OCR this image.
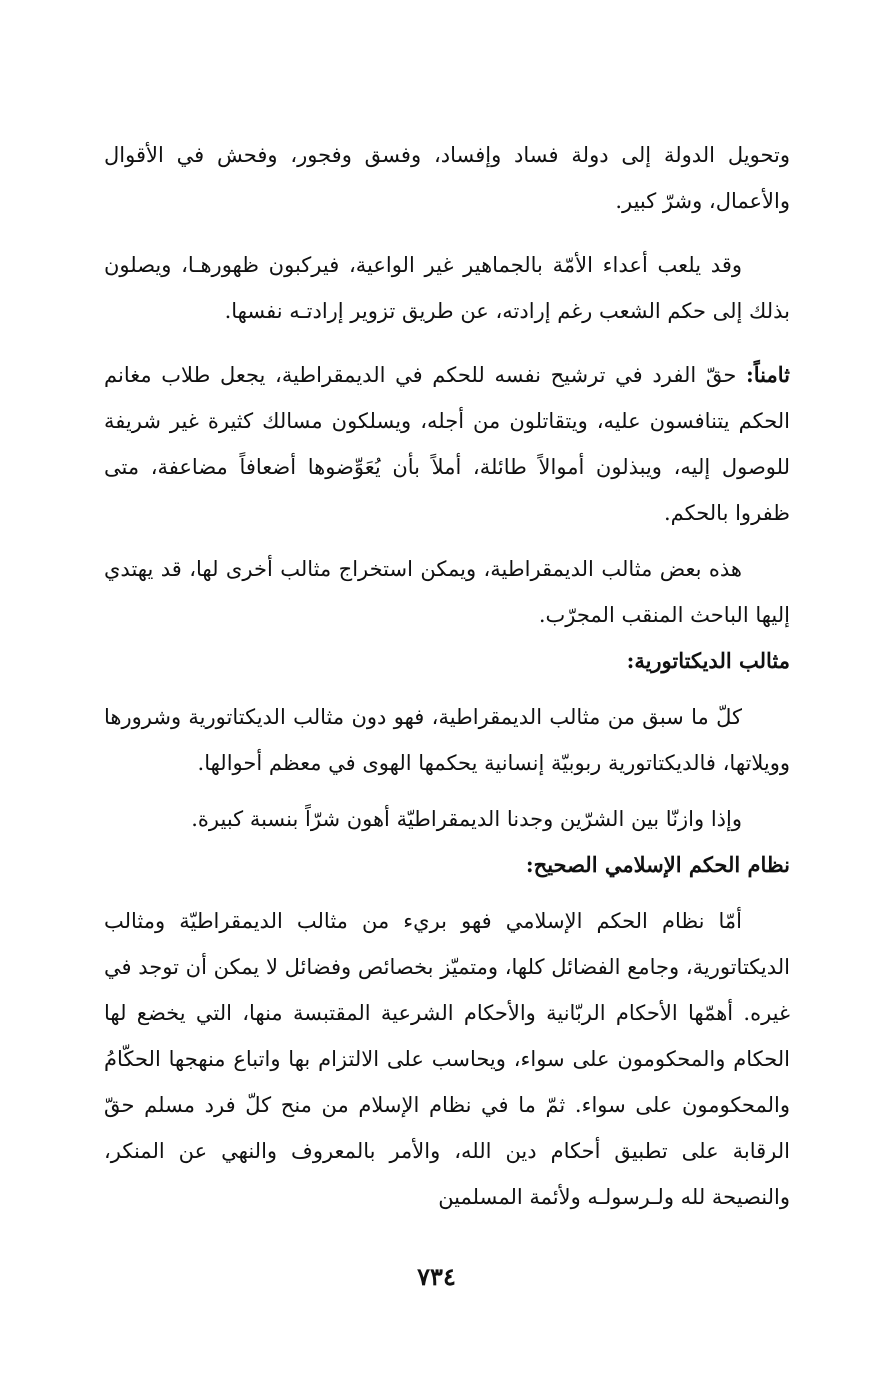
وتحويل الدولة إلى دولة فساد وإفساد، وفسق وفجور، وفحش في الأقوال والأعمال، وشرّ كبير.

وقد يلعب أعداء الأمّة بالجماهير غير الواعية، فيركبون ظهورهـا، ويصلون بذلك إلى حكم الشعب رغم إرادته، عن طريق تزوير إرادتـه نفسها.

ثامناً: حقّ الفرد في ترشيح نفسه للحكم في الديمقراطية، يجعل طلاب مغانم الحكم يتنافسون عليه، ويتقاتلون من أجله، ويسلكون مسالك كثيرة غير شريفة للوصول إليه، ويبذلون أموالاً طائلة، أملاً بأن يُعَوِّضوها أضعافاً مضاعفة، متى ظفروا بالحكم.

هذه بعض مثالب الديمقراطية، ويمكن استخراج مثالب أخرى لها، قد يهتدي إليها الباحث المنقب المجرّب.

مثالب الديكتاتورية:

كلّ ما سبق من مثالب الديمقراطية، فهو دون مثالب الديكتاتورية وشرورها وويلاتها، فالديكتاتورية ربوبيّة إنسانية يحكمها الهوى في معظم أحوالها.

وإذا وازنّا بين الشرّين وجدنا الديمقراطيّة أهون شرّاً بنسبة كبيرة.

نظام الحكم الإسلامي الصحيح:

أمّا نظام الحكم الإسلامي فهو بريء من مثالب الديمقراطيّة ومثالب الديكتاتورية، وجامع الفضائل كلها، ومتميّز بخصائص وفضائل لا يمكن أن توجد في غيره. أهمّها الأحكام الربّانية والأحكام الشرعية المقتبسة منها، التي يخضع لها الحكام والمحكومون على سواء، ويحاسب على الالتزام بها واتباع منهجها الحكّامُ والمحكومون على سواء. ثمّ ما في نظام الإسلام من منح كلّ فرد مسلم حقّ الرقابة على تطبيق أحكام دين الله، والأمر بالمعروف والنهي عن المنكر، والنصيحة لله ولـرسولـه ولأئمة المسلمين

٧٣٤
